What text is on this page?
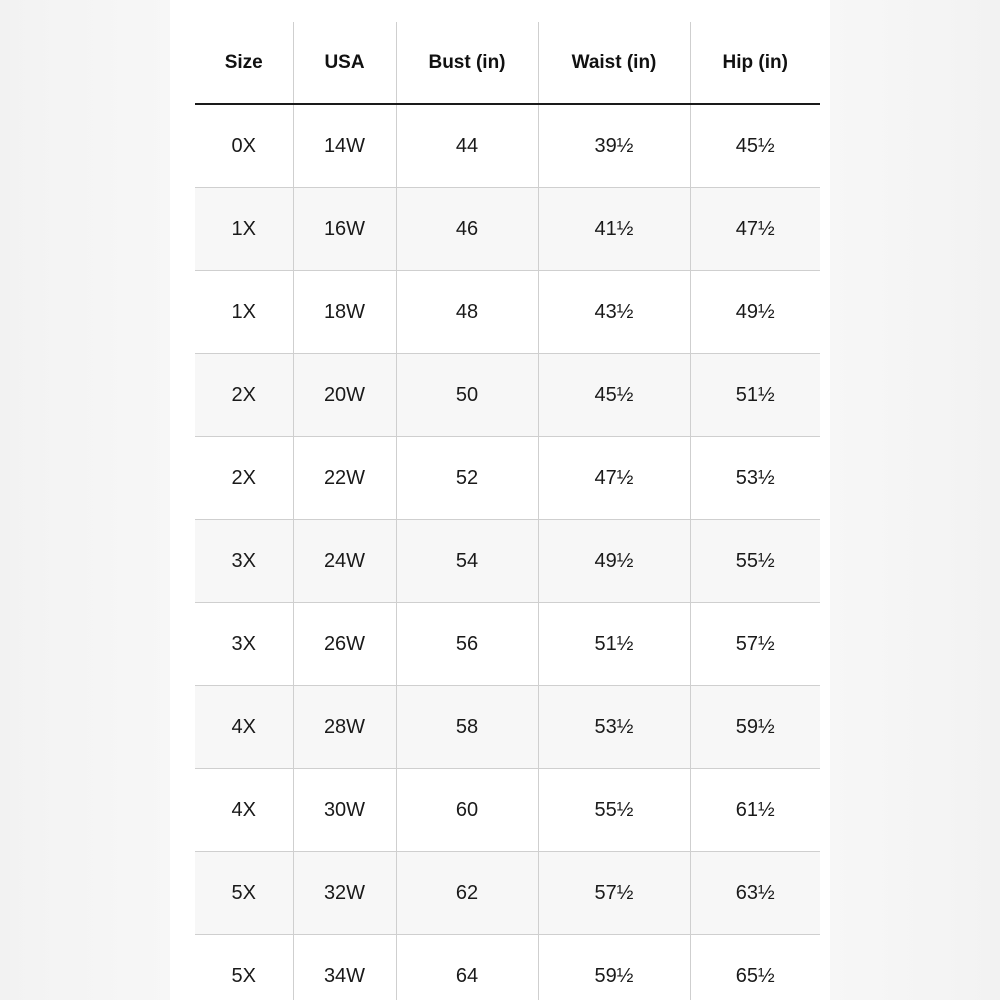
Size	USA	Bust (in)	Waist (in)	Hip (in)
0X	14W	44	39½	45½
1X	16W	46	41½	47½
1X	18W	48	43½	49½
2X	20W	50	45½	51½
2X	22W	52	47½	53½
3X	24W	54	49½	55½
3X	26W	56	51½	57½
4X	28W	58	53½	59½
4X	30W	60	55½	61½
5X	32W	62	57½	63½
5X	34W	64	59½	65½
